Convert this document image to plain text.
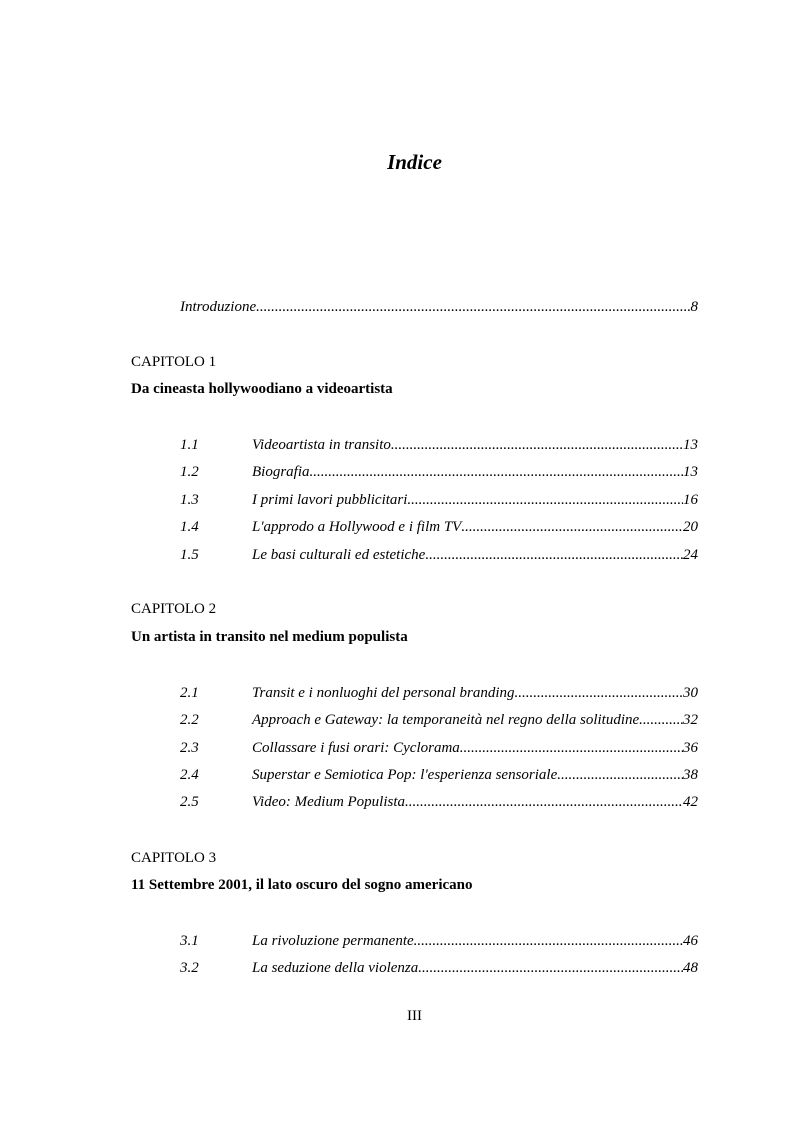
Indice
Introduzione .....	8
CAPITOLO 1
Da cineasta hollywoodiano a videoartista
1.1	Videoartista in transito .....	13
1.2	Biografia .....	13
1.3	I primi lavori pubblicitari .....	16
1.4	L'approdo a Hollywood e i film TV .....	20
1.5	Le basi culturali ed estetiche .....	24
CAPITOLO 2
Un artista in transito nel medium populista
2.1	Transit e i nonluoghi del personal branding .....	30
2.2	Approach e Gateway: la temporaneità nel regno della solitudine .....	32
2.3	Collassare i fusi orari: Cyclorama .....	36
2.4	Superstar e Semiotica Pop: l'esperienza sensoriale .....	38
2.5	Video: Medium Populista .....	42
CAPITOLO 3
11 Settembre 2001, il lato oscuro del sogno americano
3.1	La rivoluzione permanente .....	46
3.2	La seduzione della violenza .....	48
III
